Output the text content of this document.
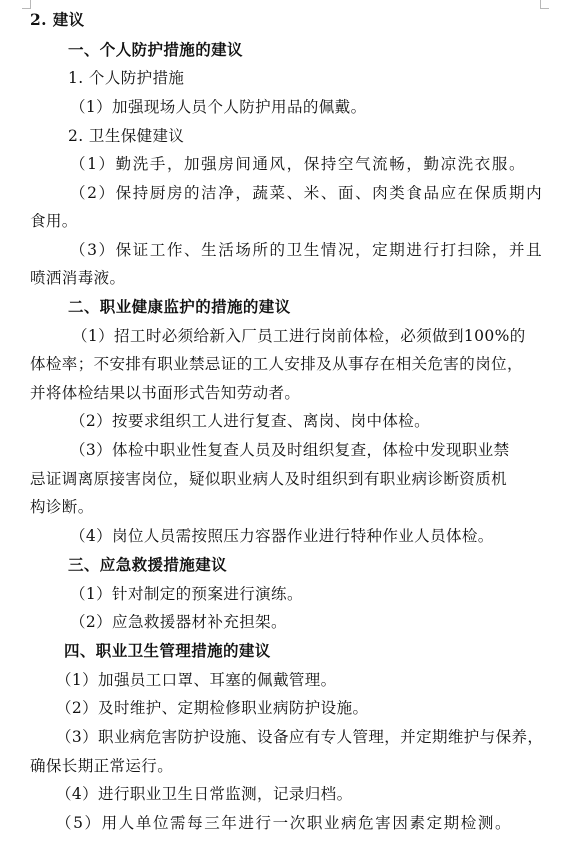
2. 建议
一、个人防护措施的建议
1. 个人防护措施
（1）加强现场人员个人防护用品的佩戴。
2. 卫生保健建议
（1）勤洗手，加强房间通风，保持空气流畅，勤凉洗衣服。
（2）保持厨房的洁净，蔬菜、米、面、肉类食品应在保质期内
食用。
（3）保证工作、生活场所的卫生情况，定期进行打扫除，并且
喷洒消毒液。
二、职业健康监护的措施的建议
（1）招工时必须给新入厂员工进行岗前体检，必须做到100%的
体检率；不安排有职业禁忌证的工人安排及从事存在相关危害的岗位，
并将体检结果以书面形式告知劳动者。
（2）按要求组织工人进行复查、离岗、岗中体检。
（3）体检中职业性复查人员及时组织复查，体检中发现职业禁
忌证调离原接害岗位，疑似职业病人及时组织到有职业病诊断资质机
构诊断。
（4）岗位人员需按照压力容器作业进行特种作业人员体检。
三、应急救援措施建议
（1）针对制定的预案进行演练。
（2）应急救援器材补充担架。
四、职业卫生管理措施的建议
（1）加强员工口罩、耳塞的佩戴管理。
（2）及时维护、定期检修职业病防护设施。
（3）职业病危害防护设施、设备应有专人管理，并定期维护与保养，
确保长期正常运行。
（4）进行职业卫生日常监测，记录归档。
（5）用人单位需每三年进行一次职业病危害因素定期检测。
